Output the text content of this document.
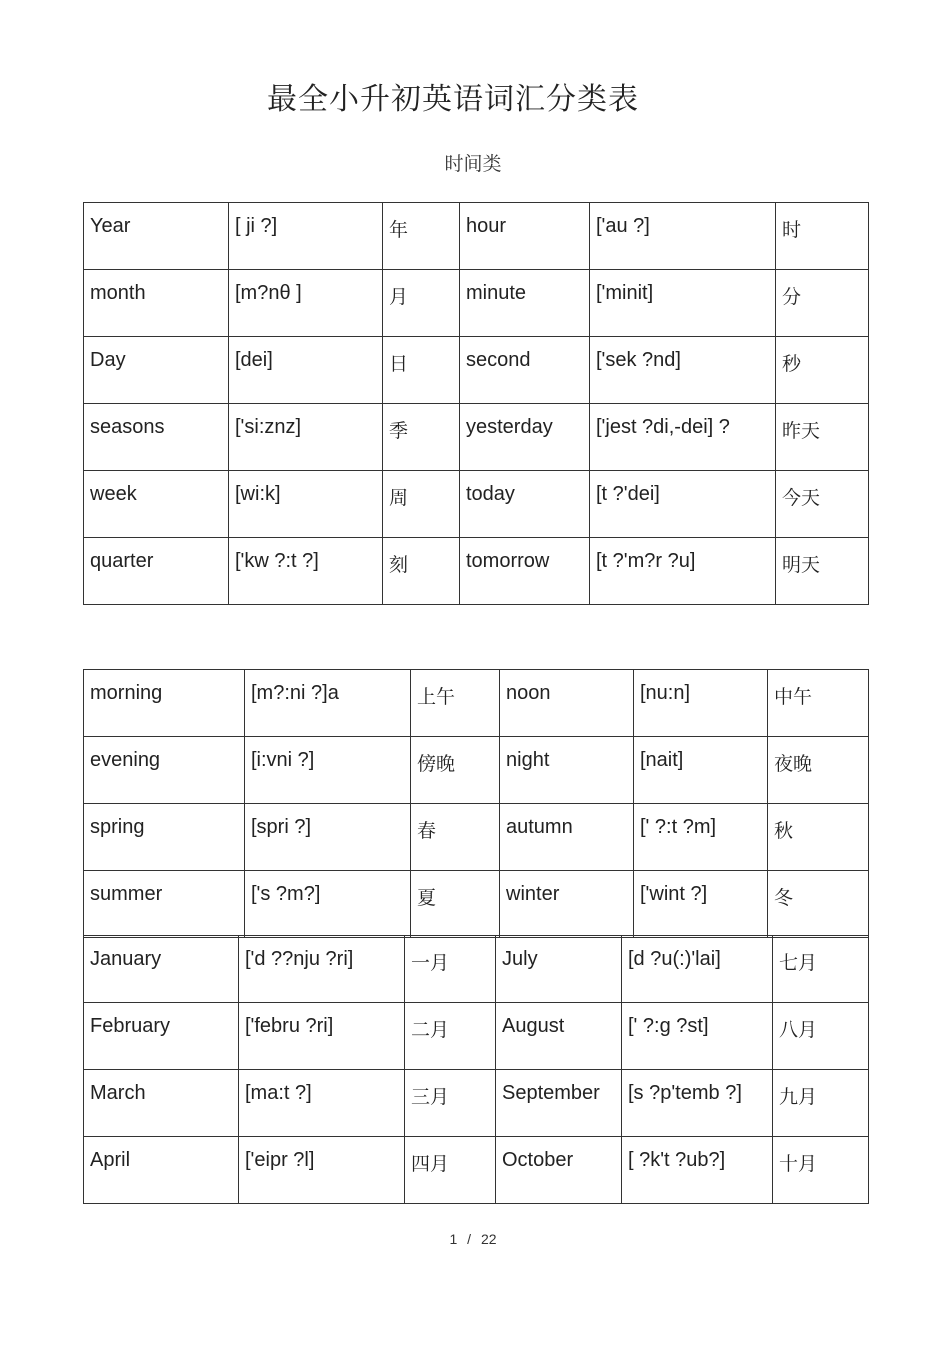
最全小升初英语词汇分类表
时间类
Year	[ ji ?]	年	hour	['au ?]	时
month	[m?nθ ]	月	minute	['minit]	分
Day	[dei]	日	second	['sek ?nd]	秒
seasons	['si:znz]	季	yesterday	['jest ?di,-dei] ?	昨天
week	[wi:k]	周	today	[t ?'dei]	今天
quarter	['kw ?:t ?]	刻	tomorrow	[t ?'m?r ?u]	明天
morning	[m?:ni ?]a	上午	noon	[nu:n]	中午
evening	[i:vni ?]	傍晚	night	[nait]	夜晚
spring	[spri ?]	春	autumn	[' ?:t ?m]	秋
summer	['s ?m?]	夏	winter	['wint ?]	冬
January	['d ??nju ?ri]	一月	July	[d ?u(:)'lai]	七月
February	['febru ?ri]	二月	August	[' ?:g ?st]	八月
March	[ma:t ?]	三月	September	[s ?p'temb ?]	九月
April	['eipr ?l]	四月	October	[ ?k't ?ub?]	十月
1 / 22
